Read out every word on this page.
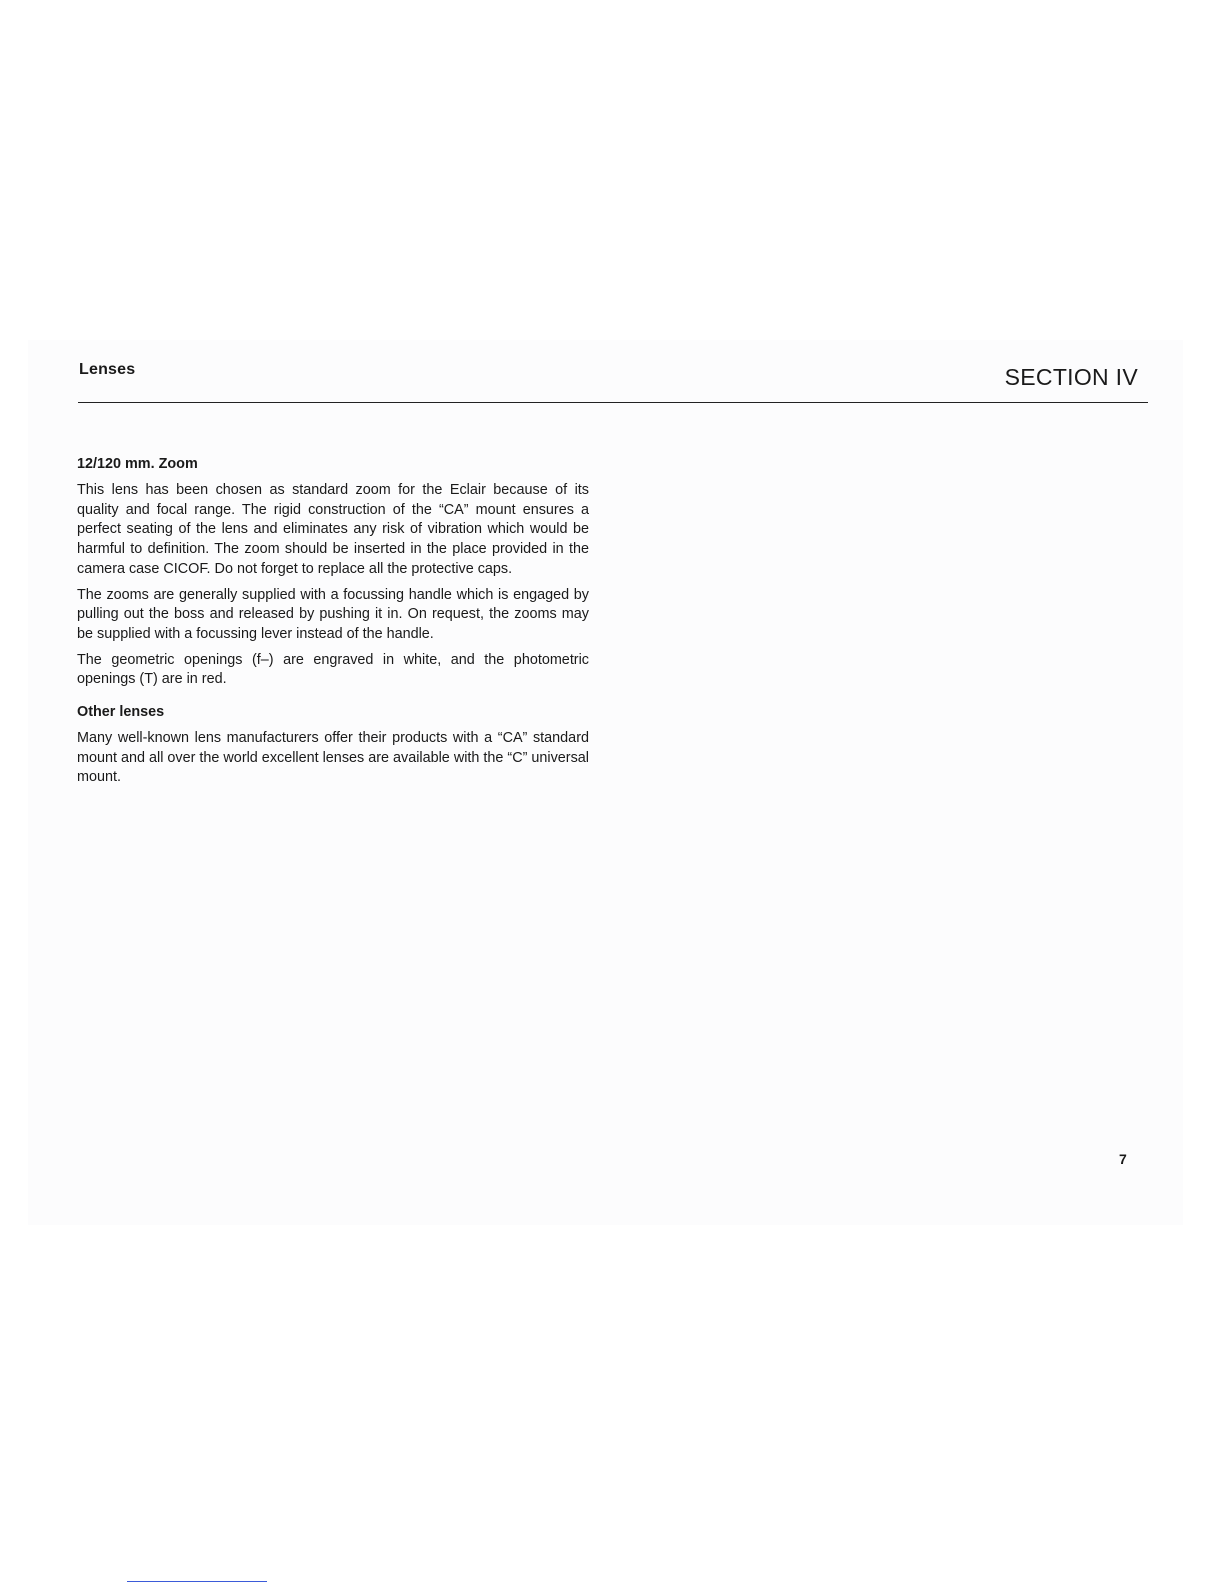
Lenses	SECTION IV
12/120 mm. Zoom

This lens has been chosen as standard zoom for the Eclair because of its quality and focal range. The rigid construction of the “CA” mount ensures a perfect seating of the lens and eliminates any risk of vibration which would be harmful to definition. The zoom should be inserted in the place provided in the camera case CICOF. Do not forget to replace all the protective caps.

The zooms are generally supplied with a focussing handle which is engaged by pulling out the boss and released by pushing it in. On request, the zooms may be supplied with a focussing lever instead of the handle.

The geometric openings (f–) are engraved in white, and the photometric openings (T) are in red.

Other lenses

Many well-known lens manufacturers offer their products with a “CA” standard mount and all over the world excellent lenses are available with the “C” universal mount.

7
